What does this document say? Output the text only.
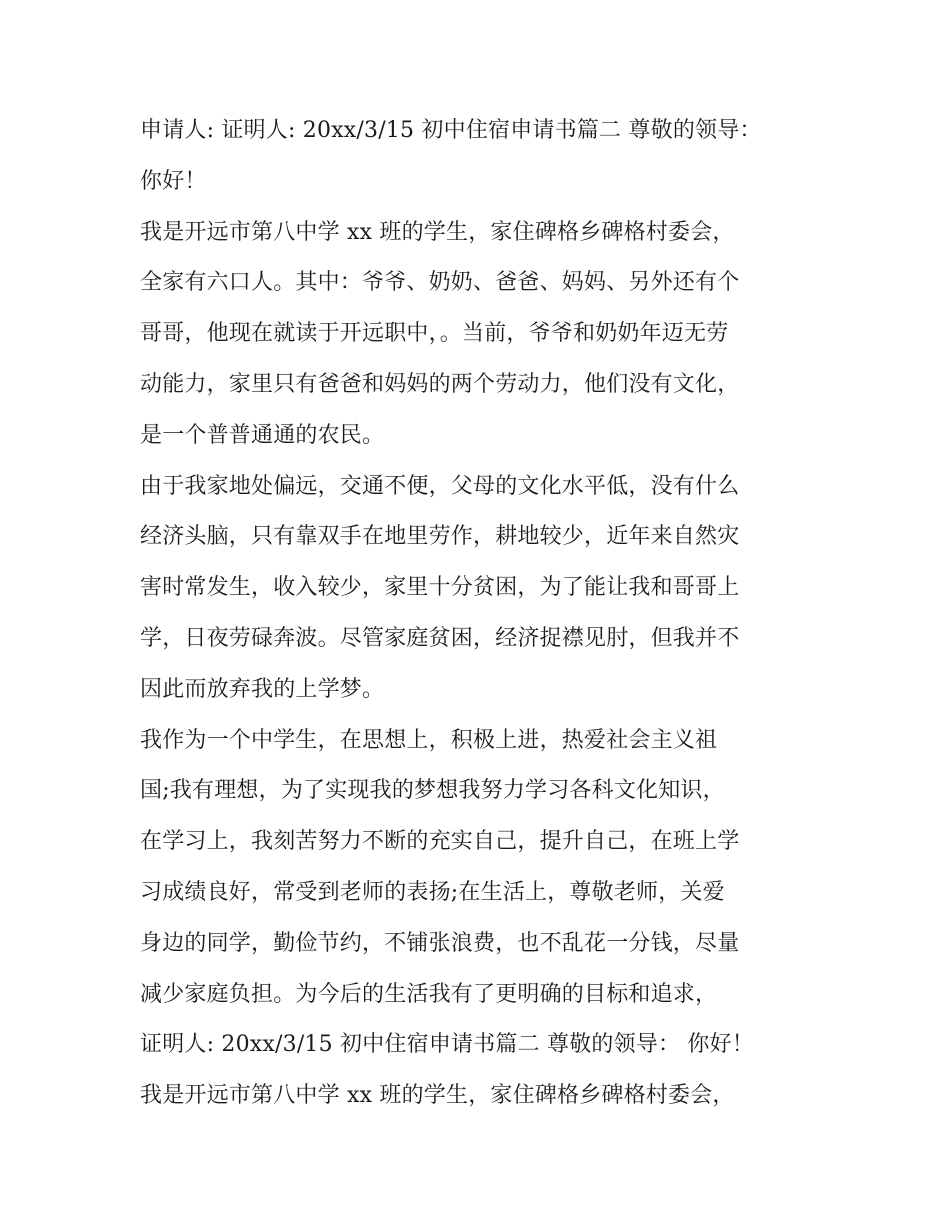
申请人: 证明人: 20xx/3/15 初中住宿申请书篇二 尊敬的领导：
你好！
我是开远市第八中学 xx 班的学生，家住碑格乡碑格村委会，
全家有六口人。其中：爷爷、奶奶、爸爸、妈妈、另外还有个
哥哥，他现在就读于开远职中，。当前，爷爷和奶奶年迈无劳
动能力，家里只有爸爸和妈妈的两个劳动力，他们没有文化，
是一个普普通通的农民。
由于我家地处偏远，交通不便，父母的文化水平低，没有什么
经济头脑，只有靠双手在地里劳作，耕地较少，近年来自然灾
害时常发生，收入较少，家里十分贫困，为了能让我和哥哥上
学，日夜劳碌奔波。尽管家庭贫困，经济捉襟见肘，但我并不
因此而放弃我的上学梦。
我作为一个中学生，在思想上，积极上进，热爱社会主义祖
国;我有理想，为了实现我的梦想我努力学习各科文化知识，
在学习上，我刻苦努力不断的充实自己，提升自己，在班上学
习成绩良好，常受到老师的表扬;在生活上，尊敬老师，关爱
身边的同学，勤俭节约，不铺张浪费，也不乱花一分钱，尽量
减少家庭负担。为今后的生活我有了更明确的目标和追求，
证明人: 20xx/3/15 初中住宿申请书篇二 尊敬的领导： 你好！
我是开远市第八中学 xx 班的学生，家住碑格乡碑格村委会，
